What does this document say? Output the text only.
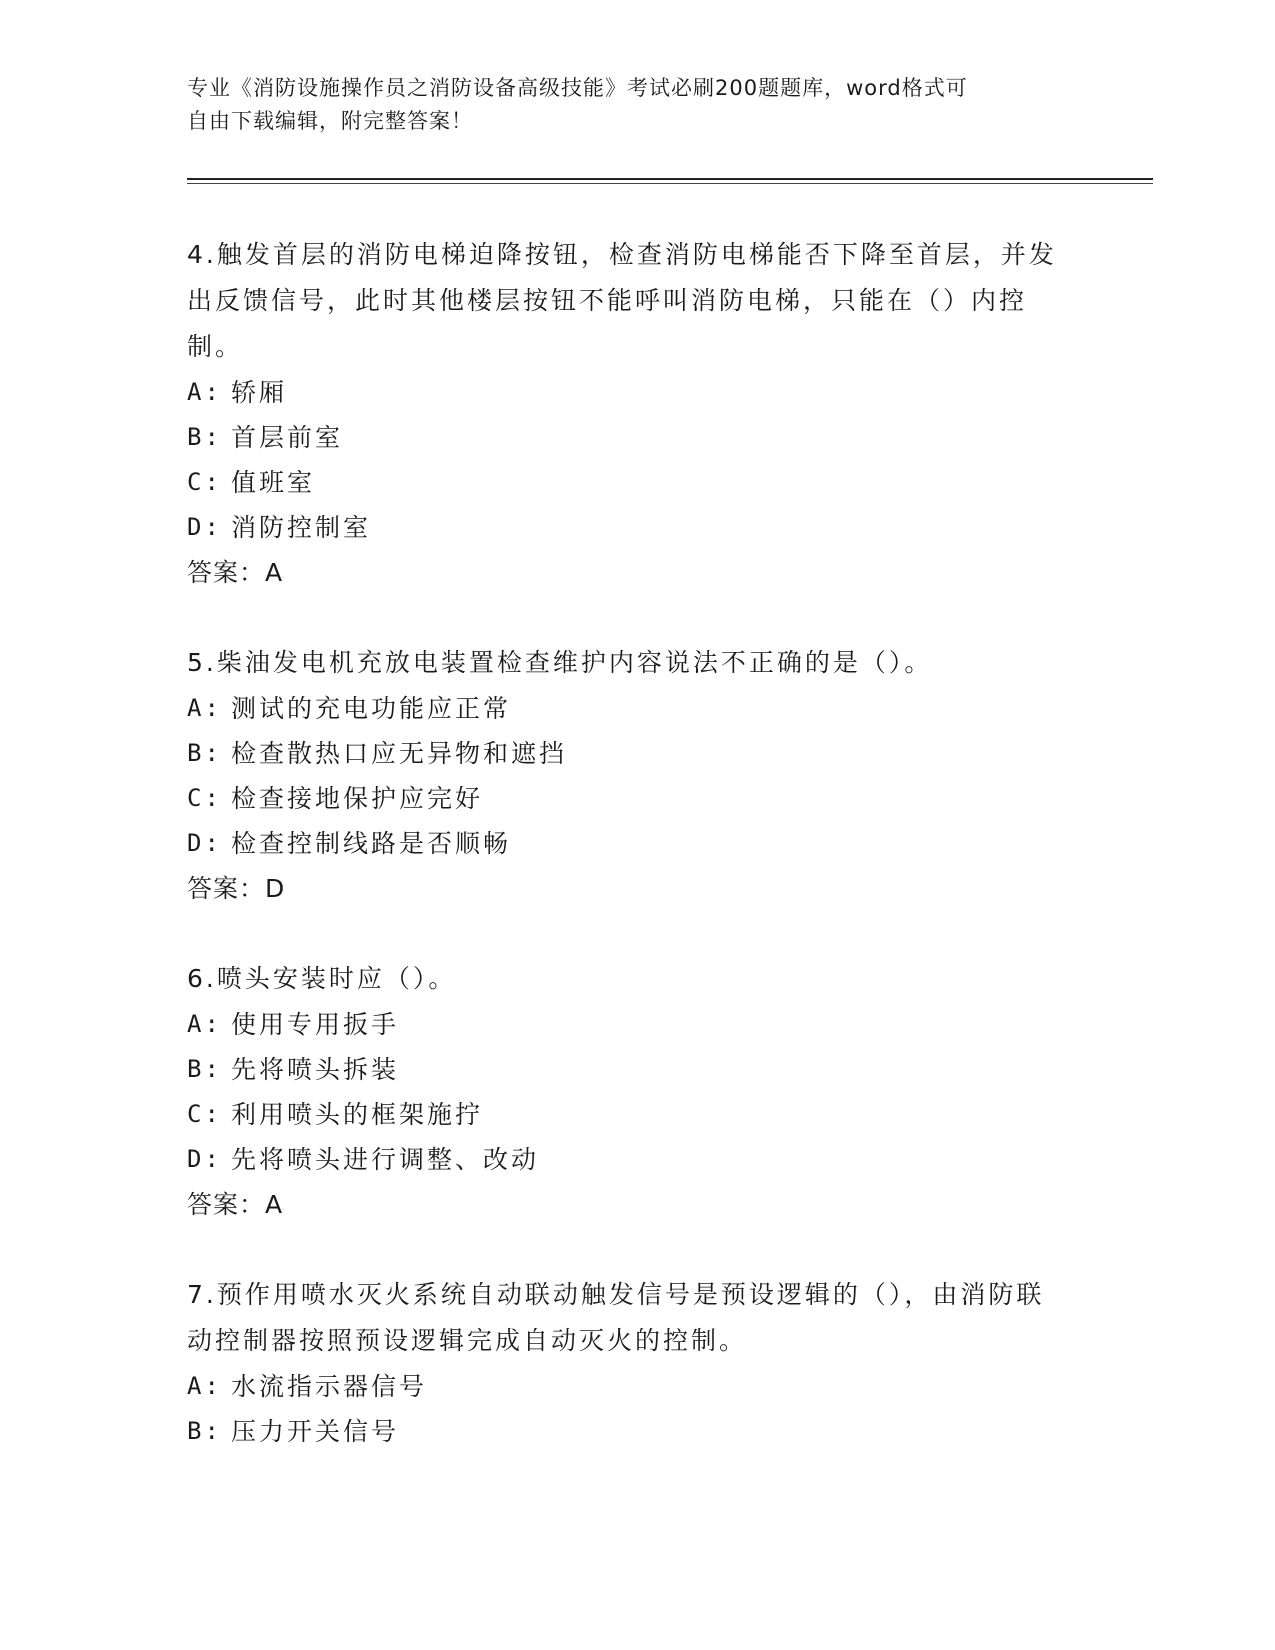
专业《消防设施操作员之消防设备高级技能》考试必刷200题题库，word格式可
自由下载编辑，附完整答案！

4.触发首层的消防电梯迫降按钮，检查消防电梯能否下降至首层，并发出反馈信号，此时其他楼层按钮不能呼叫消防电梯，只能在（）内控制。

A: 轿厢
B: 首层前室
C: 值班室
D: 消防控制室

答案：A

5.柴油发电机充放电装置检查维护内容说法不正确的是（）。

A: 测试的充电功能应正常
B: 检查散热口应无异物和遮挡
C: 检查接地保护应完好
D: 检查控制线路是否顺畅

答案：D

6.喷头安装时应（）。

A: 使用专用扳手
B: 先将喷头拆装
C: 利用喷头的框架施拧
D: 先将喷头进行调整、改动

答案：A

7.预作用喷水灭火系统自动联动触发信号是预设逻辑的（），由消防联动控制器按照预设逻辑完成自动灭火的控制。

A: 水流指示器信号
B: 压力开关信号
